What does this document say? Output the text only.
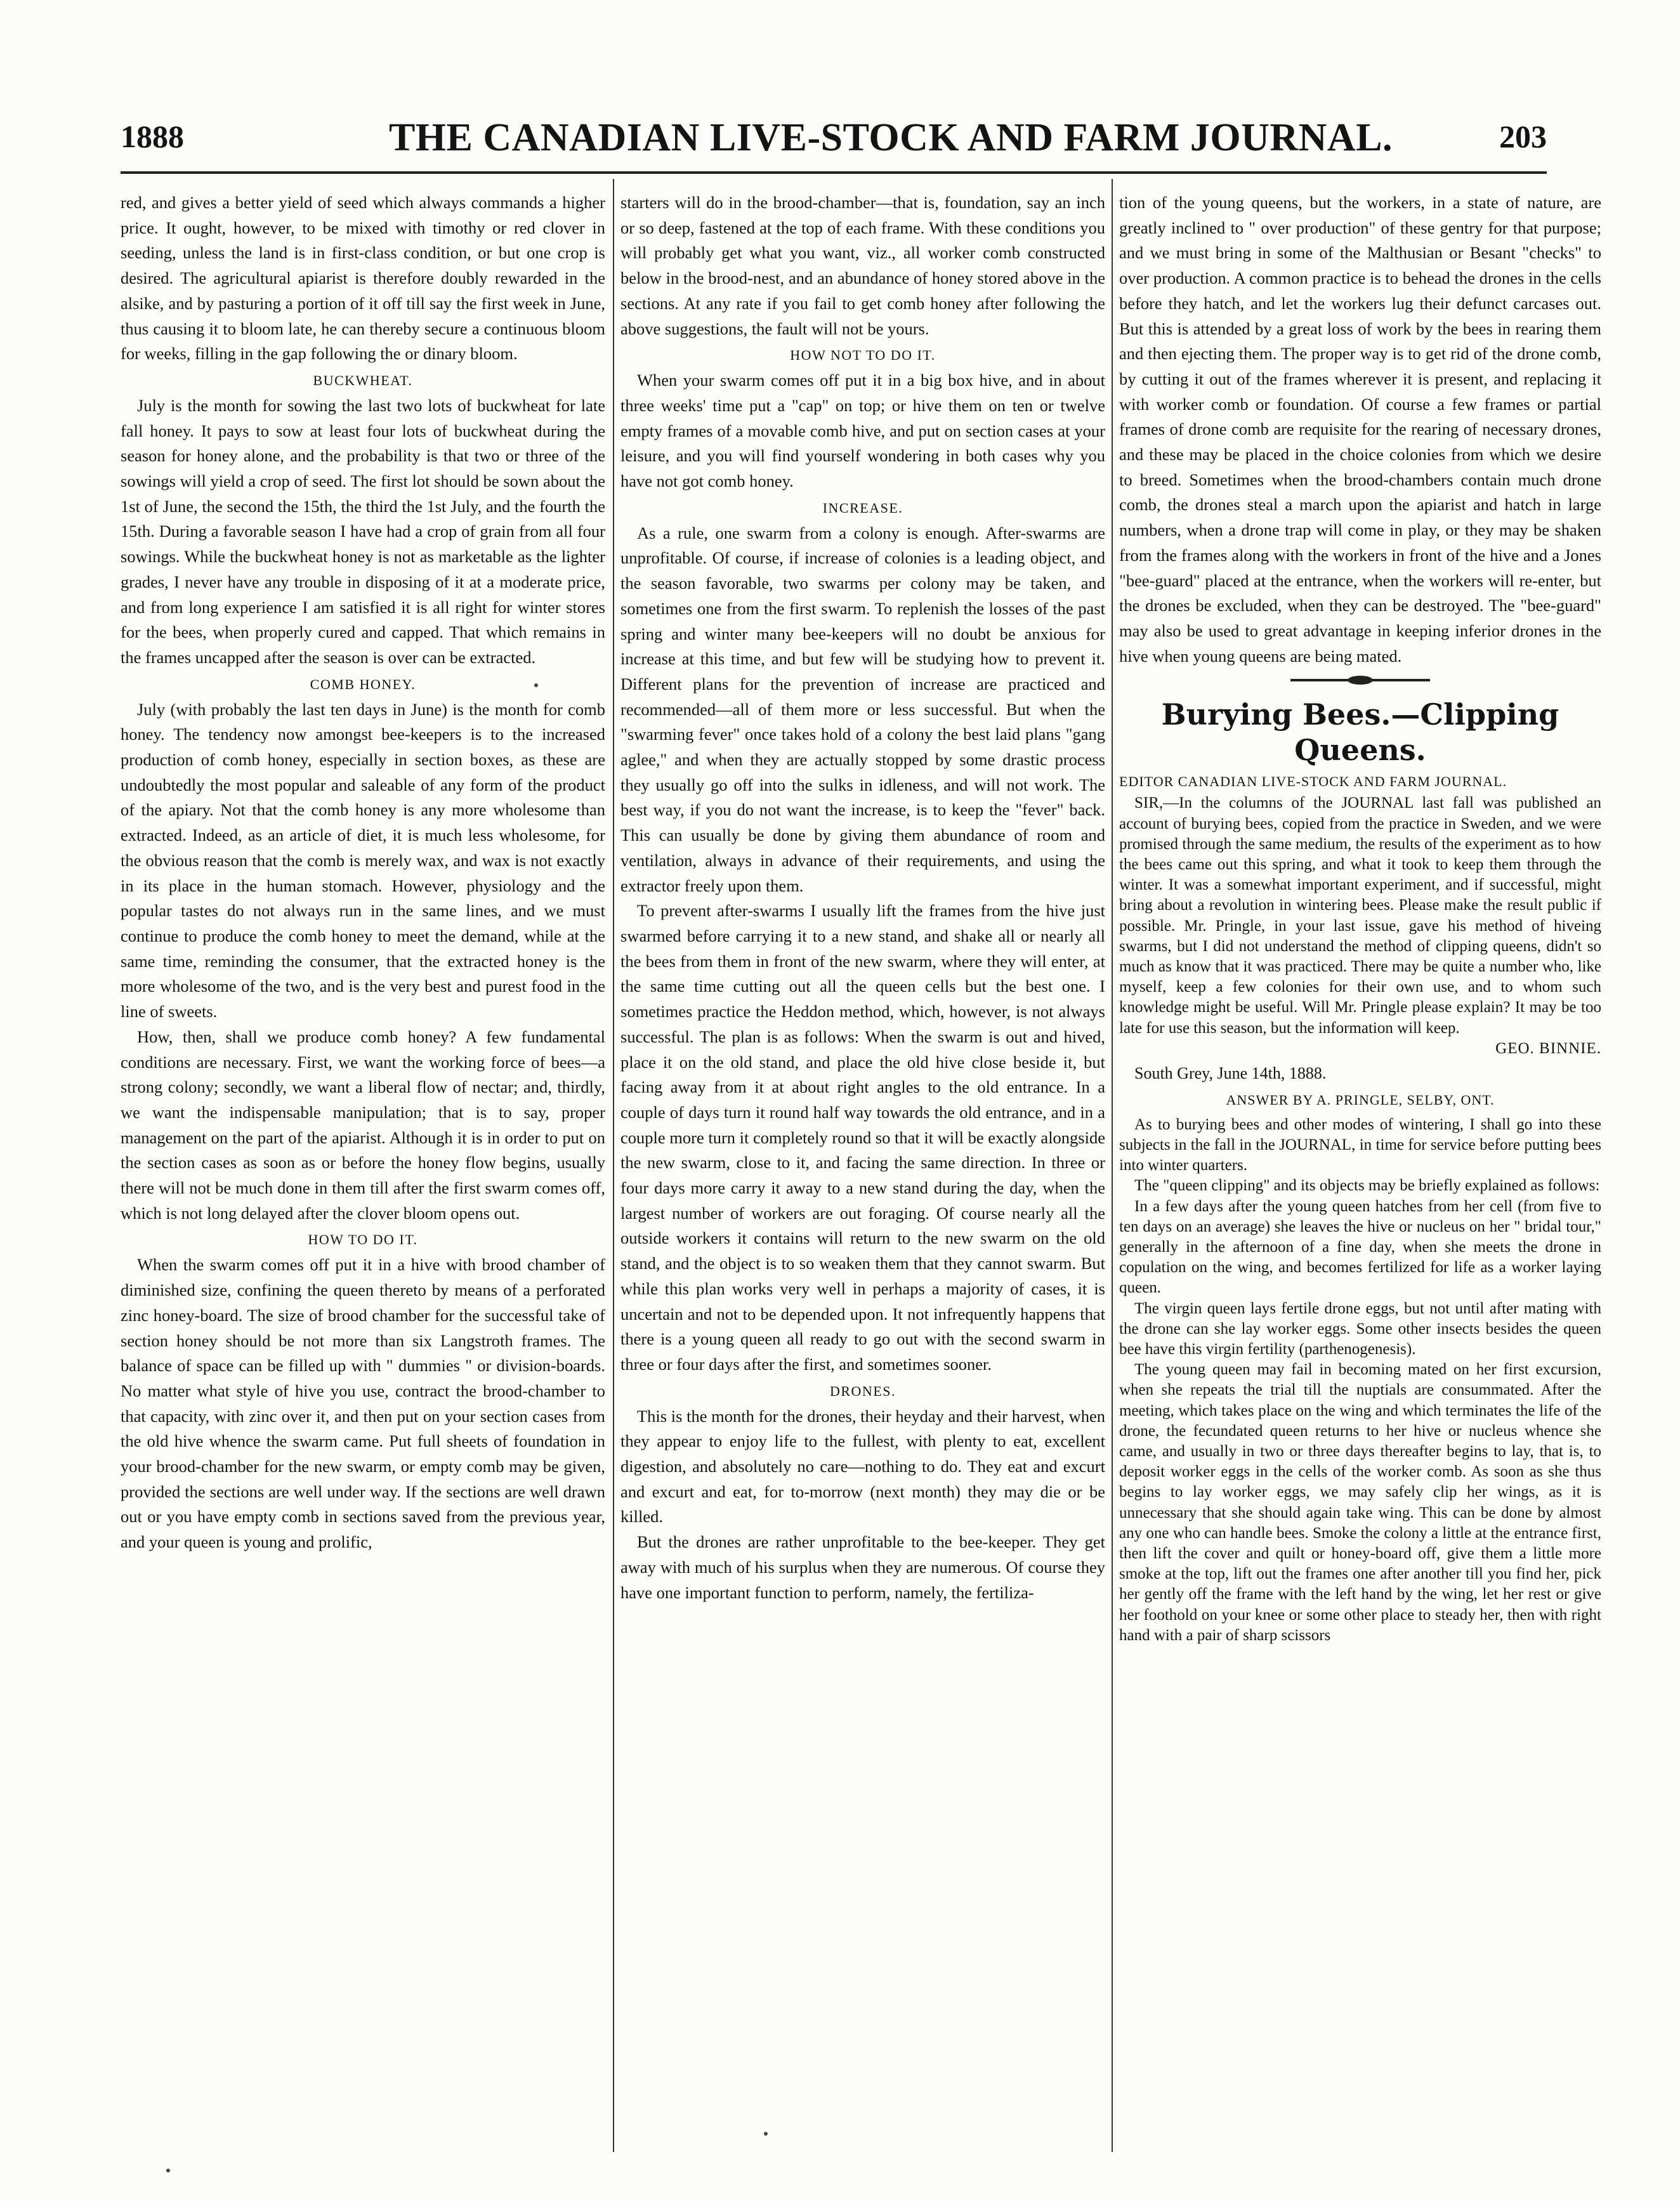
1888	THE CANADIAN LIVE-STOCK AND FARM JOURNAL.	203

red, and gives a better yield of seed which always commands a higher price. It ought, however, to be mixed with timothy or red clover in seeding, unless the land is in first-class condition, or but one crop is desired. The agricultural apiarist is therefore doubly rewarded in the alsike, and by pasturing a portion of it off till say the first week in June, thus causing it to bloom late, he can thereby secure a continuous bloom for weeks, filling in the gap following the or dinary bloom.

BUCKWHEAT.

July is the month for sowing the last two lots of buckwheat for late fall honey. It pays to sow at least four lots of buckwheat during the season for honey alone, and the probability is that two or three of the sowings will yield a crop of seed. The first lot should be sown about the 1st of June, the second the 15th, the third the 1st July, and the fourth the 15th. During a favorable season I have had a crop of grain from all four sowings. While the buckwheat honey is not as marketable as the lighter grades, I never have any trouble in disposing of it at a moderate price, and from long experience I am satisfied it is all right for winter stores for the bees, when properly cured and capped. That which remains in the frames uncapped after the season is over can be extracted.

COMB HONEY.

July (with probably the last ten days in June) is the month for comb honey. The tendency now amongst bee-keepers is to the increased production of comb honey, especially in section boxes, as these are undoubtedly the most popular and saleable of any form of the product of the apiary. Not that the comb honey is any more wholesome than extracted. Indeed, as an article of diet, it is much less wholesome, for the obvious reason that the comb is merely wax, and wax is not exactly in its place in the human stomach. However, physiology and the popular tastes do not always run in the same lines, and we must continue to produce the comb honey to meet the demand, while at the same time, reminding the consumer, that the extracted honey is the more wholesome of the two, and is the very best and purest food in the line of sweets.

How, then, shall we produce comb honey? A few fundamental conditions are necessary. First, we want the working force of bees—a strong colony; secondly, we want a liberal flow of nectar; and, thirdly, we want the indispensable manipulation; that is to say, proper management on the part of the apiarist. Although it is in order to put on the section cases as soon as or before the honey flow begins, usually there will not be much done in them till after the first swarm comes off, which is not long delayed after the clover bloom opens out.

HOW TO DO IT.

When the swarm comes off put it in a hive with brood chamber of diminished size, confining the queen thereto by means of a perforated zinc honey-board. The size of brood chamber for the successful take of section honey should be not more than six Langstroth frames. The balance of space can be filled up with " dummies " or division-boards. No matter what style of hive you use, contract the brood-chamber to that capacity, with zinc over it, and then put on your section cases from the old hive whence the swarm came. Put full sheets of foundation in your brood-chamber for the new swarm, or empty comb may be given, provided the sections are well under way. If the sections are well drawn out or you have empty comb in sections saved from the previous year, and your queen is young and prolific,

starters will do in the brood-chamber—that is, foundation, say an inch or so deep, fastened at the top of each frame. With these conditions you will probably get what you want, viz., all worker comb constructed below in the brood-nest, and an abundance of honey stored above in the sections. At any rate if you fail to get comb honey after following the above suggestions, the fault will not be yours.

HOW NOT TO DO IT.

When your swarm comes off put it in a big box hive, and in about three weeks' time put a "cap" on top; or hive them on ten or twelve empty frames of a movable comb hive, and put on section cases at your leisure, and you will find yourself wondering in both cases why you have not got comb honey.

INCREASE.

As a rule, one swarm from a colony is enough. After-swarms are unprofitable. Of course, if increase of colonies is a leading object, and the season favorable, two swarms per colony may be taken, and sometimes one from the first swarm. To replenish the losses of the past spring and winter many bee-keepers will no doubt be anxious for increase at this time, and but few will be studying how to prevent it. Different plans for the prevention of increase are practiced and recommended—all of them more or less successful. But when the "swarming fever" once takes hold of a colony the best laid plans "gang aglee," and when they are actually stopped by some drastic process they usually go off into the sulks in idleness, and will not work. The best way, if you do not want the increase, is to keep the "fever" back. This can usually be done by giving them abundance of room and ventilation, always in advance of their requirements, and using the extractor freely upon them.

To prevent after-swarms I usually lift the frames from the hive just swarmed before carrying it to a new stand, and shake all or nearly all the bees from them in front of the new swarm, where they will enter, at the same time cutting out all the queen cells but the best one. I sometimes practice the Heddon method, which, however, is not always successful. The plan is as follows: When the swarm is out and hived, place it on the old stand, and place the old hive close beside it, but facing away from it at about right angles to the old entrance. In a couple of days turn it round half way towards the old entrance, and in a couple more turn it completely round so that it will be exactly alongside the new swarm, close to it, and facing the same direction. In three or four days more carry it away to a new stand during the day, when the largest number of workers are out foraging. Of course nearly all the outside workers it contains will return to the new swarm on the old stand, and the object is to so weaken them that they cannot swarm. But while this plan works very well in perhaps a majority of cases, it is uncertain and not to be depended upon. It not infrequently happens that there is a young queen all ready to go out with the second swarm in three or four days after the first, and sometimes sooner.

DRONES.

This is the month for the drones, their heyday and their harvest, when they appear to enjoy life to the fullest, with plenty to eat, excellent digestion, and absolutely no care—nothing to do. They eat and excurt and excurt and eat, for to-morrow (next month) they may die or be killed.

But the drones are rather unprofitable to the bee-keeper. They get away with much of his surplus when they are numerous. Of course they have one important function to perform, namely, the fertiliza-

tion of the young queens, but the workers, in a state of nature, are greatly inclined to " over production" of these gentry for that purpose; and we must bring in some of the Malthusian or Besant "checks" to over production. A common practice is to behead the drones in the cells before they hatch, and let the workers lug their defunct carcases out. But this is attended by a great loss of work by the bees in rearing them and then ejecting them. The proper way is to get rid of the drone comb, by cutting it out of the frames wherever it is present, and replacing it with worker comb or foundation. Of course a few frames or partial frames of drone comb are requisite for the rearing of necessary drones, and these may be placed in the choice colonies from which we desire to breed. Sometimes when the brood-chambers contain much drone comb, the drones steal a march upon the apiarist and hatch in large numbers, when a drone trap will come in play, or they may be shaken from the frames along with the workers in front of the hive and a Jones "bee-guard" placed at the entrance, when the workers will re-enter, but the drones be excluded, when they can be destroyed. The "bee-guard" may also be used to great advantage in keeping inferior drones in the hive when young queens are being mated.

Burying Bees.—Clipping Queens.
EDITOR CANADIAN LIVE-STOCK AND FARM JOURNAL.

SIR,—In the columns of the JOURNAL last fall was published an account of burying bees, copied from the practice in Sweden, and we were promised through the same medium, the results of the experiment as to how the bees came out this spring, and what it took to keep them through the winter. It was a somewhat important experiment, and if successful, might bring about a revolution in wintering bees. Please make the result public if possible. Mr. Pringle, in your last issue, gave his method of hiveing swarms, but I did not understand the method of clipping queens, didn't so much as know that it was practiced. There may be quite a number who, like myself, keep a few colonies for their own use, and to whom such knowledge might be useful. Will Mr. Pringle please explain? It may be too late for use this season, but the information will keep.

GEO. BINNIE.
South Grey, June 14th, 1888.
ANSWER BY A. PRINGLE, SELBY, ONT.

As to burying bees and other modes of wintering, I shall go into these subjects in the fall in the JOURNAL, in time for service before putting bees into winter quarters.

The "queen clipping" and its objects may be briefly explained as follows:

In a few days after the young queen hatches from her cell (from five to ten days on an average) she leaves the hive or nucleus on her " bridal tour," generally in the afternoon of a fine day, when she meets the drone in copulation on the wing, and becomes fertilized for life as a worker laying queen.

The virgin queen lays fertile drone eggs, but not until after mating with the drone can she lay worker eggs. Some other insects besides the queen bee have this virgin fertility (parthenogenesis).

The young queen may fail in becoming mated on her first excursion, when she repeats the trial till the nuptials are consummated. After the meeting, which takes place on the wing and which terminates the life of the drone, the fecundated queen returns to her hive or nucleus whence she came, and usually in two or three days thereafter begins to lay, that is, to deposit worker eggs in the cells of the worker comb. As soon as she thus begins to lay worker eggs, we may safely clip her wings, as it is unnecessary that she should again take wing. This can be done by almost any one who can handle bees. Smoke the colony a little at the entrance first, then lift the cover and quilt or honey-board off, give them a little more smoke at the top, lift out the frames one after another till you find her, pick her gently off the frame with the left hand by the wing, let her rest or give her foothold on your knee or some other place to steady her, then with right hand with a pair of sharp scissors
